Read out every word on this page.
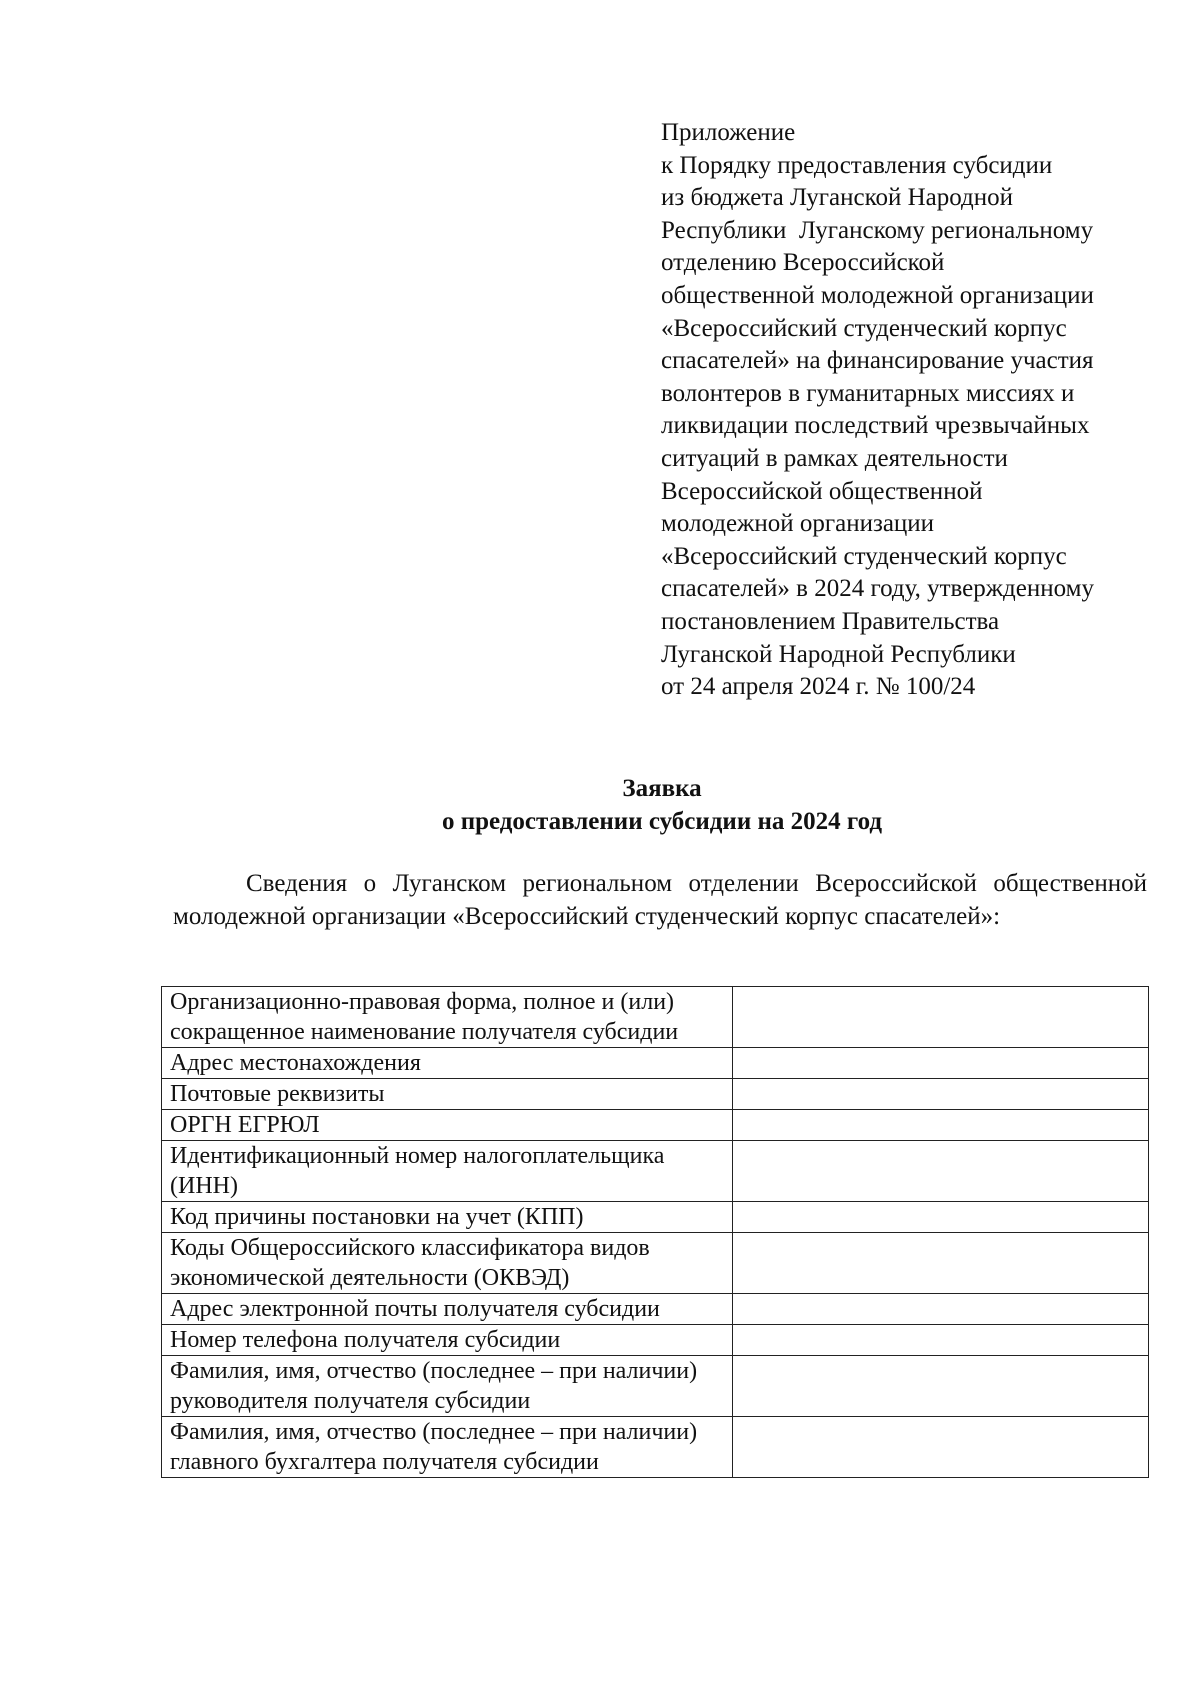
Приложение
к Порядку предоставления субсидии
из бюджета Луганской Народной
Республики  Луганскому региональному
отделению Всероссийской
общественной молодежной организации
«Всероссийский студенческий корпус
спасателей» на финансирование участия
волонтеров в гуманитарных миссиях и
ликвидации последствий чрезвычайных
ситуаций в рамках деятельности
Всероссийской общественной
молодежной организации
«Всероссийский студенческий корпус
спасателей» в 2024 году, утвержденному
постановлением Правительства
Луганской Народной Республики
от 24 апреля 2024 г. № 100/24
Заявка
о предоставлении субсидии на 2024 год
Сведения о Луганском региональном отделении Всероссийской общественной молодежной организации «Всероссийский студенческий корпус спасателей»:
Организационно-правовая форма, полное и (или) сокращенное наименование получателя субсидии	
Адрес местонахождения	
Почтовые реквизиты	
ОРГН ЕГРЮЛ	
Идентификационный номер налогоплательщика (ИНН)	
Код причины постановки на учет (КПП)	
Коды Общероссийского классификатора видов экономической деятельности (ОКВЭД)	
Адрес электронной почты получателя субсидии	
Номер телефона получателя субсидии	
Фамилия, имя, отчество (последнее – при наличии) руководителя получателя субсидии	
Фамилия, имя, отчество (последнее – при наличии) главного бухгалтера получателя субсидии	
